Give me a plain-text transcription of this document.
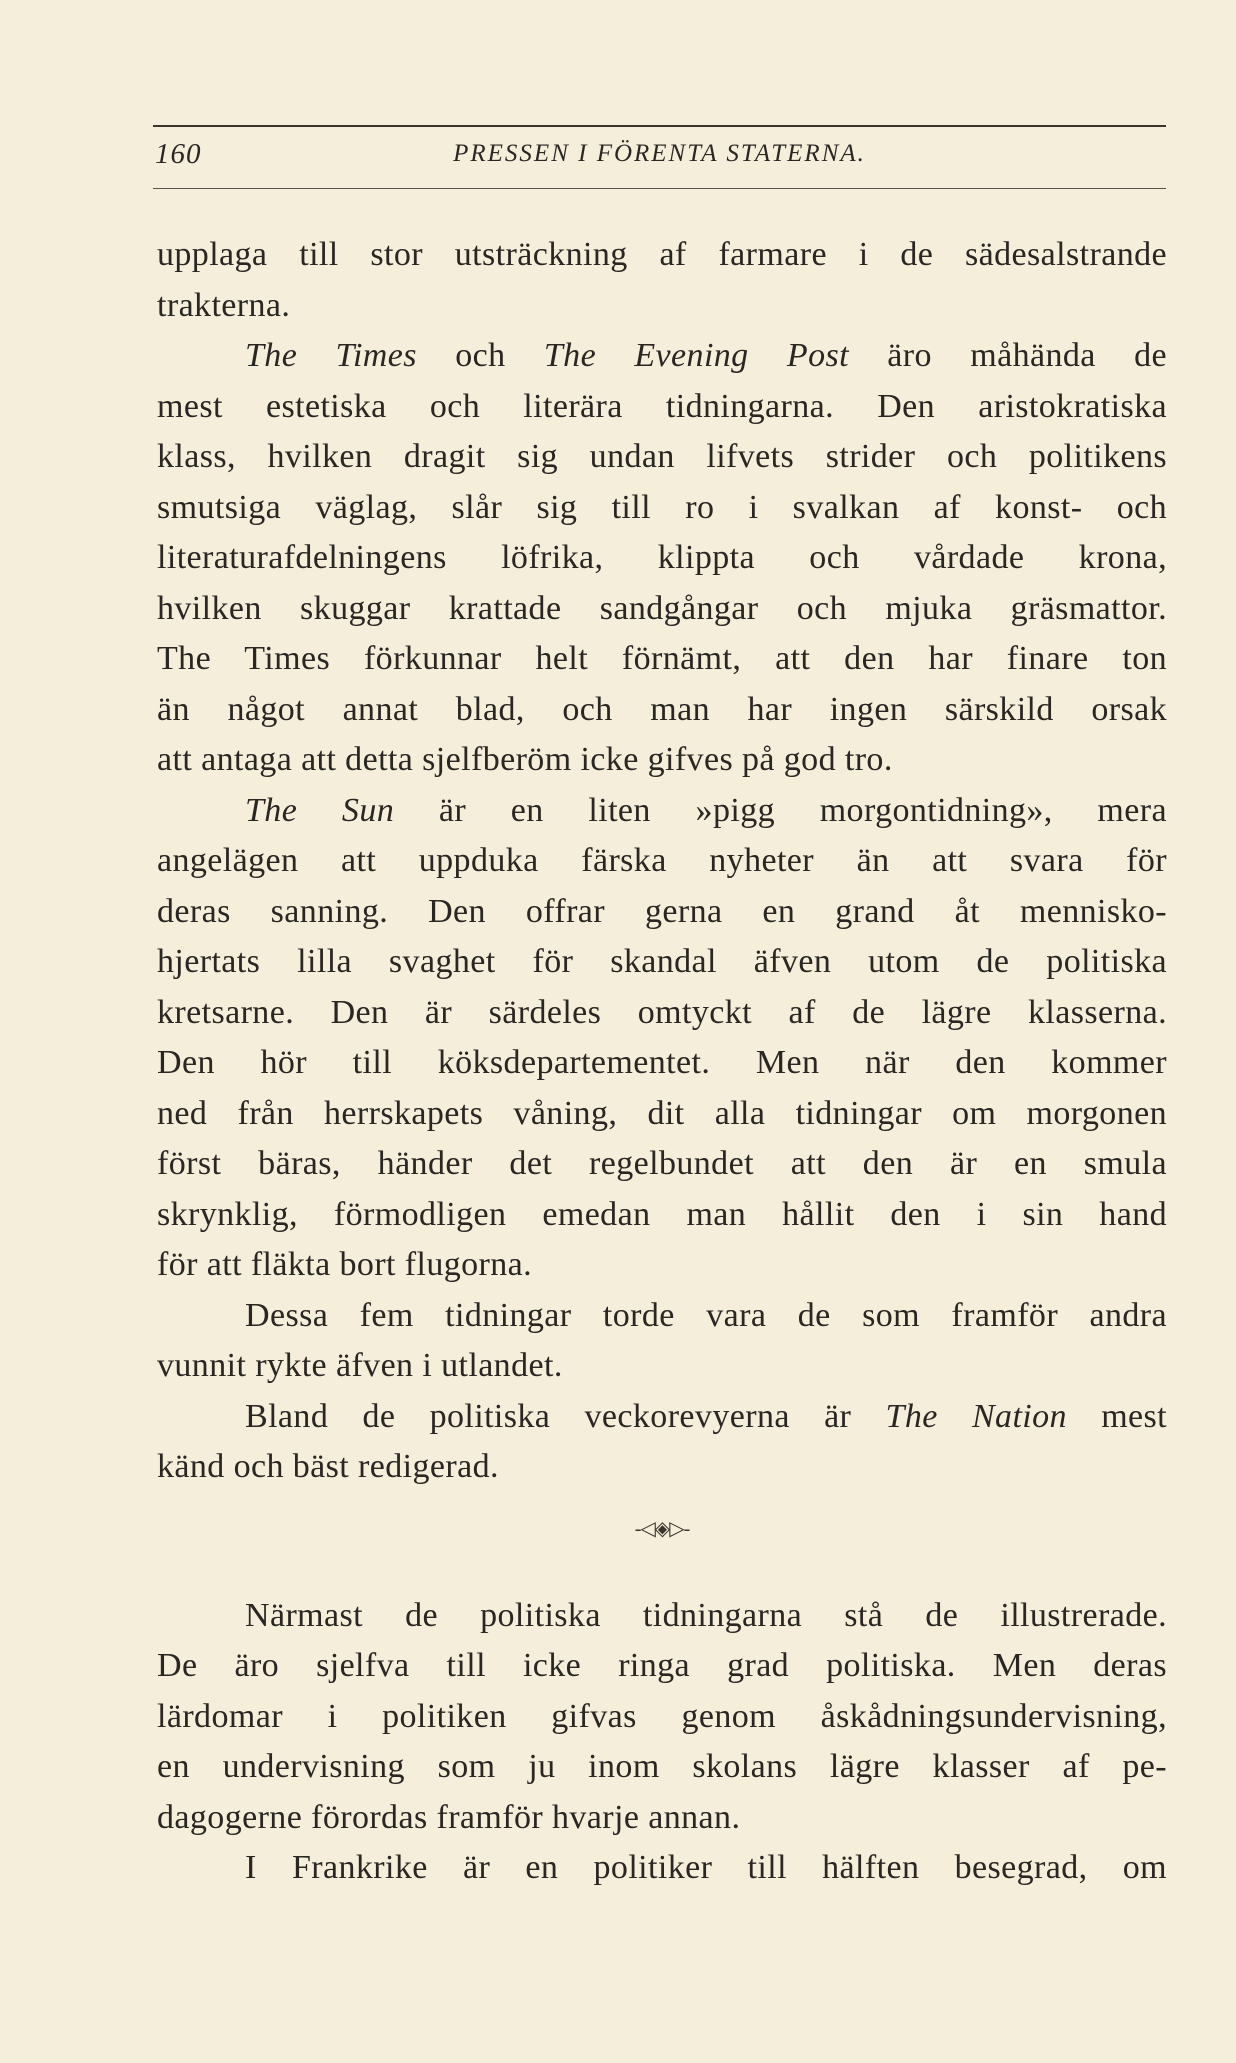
160	PRESSEN I FÖRENTA STATERNA.

upplaga till stor utsträckning af farmare i de sädesalstrande

trakterna.

The Times och The Evening Post äro måhända de

mest estetiska och literära tidningarna. Den aristokratiska

klass, hvilken dragit sig undan lifvets strider och politikens

smutsiga väglag, slår sig till ro i svalkan af konst- och

literaturafdelningens löfrika, klippta och vårdade krona,

hvilken skuggar krattade sandgångar och mjuka gräsmattor.

The Times förkunnar helt förnämt, att den har finare ton

än något annat blad, och man har ingen särskild orsak

att antaga att detta sjelfberöm icke gifves på god tro.

The Sun är en liten »pigg morgontidning», mera

angelägen att uppduka färska nyheter än att svara för

deras sanning. Den offrar gerna en grand åt mennisko-

hjertats lilla svaghet för skandal äfven utom de politiska

kretsarne. Den är särdeles omtyckt af de lägre klasserna.

Den hör till köksdepartementet. Men när den kommer

ned från herrskapets våning, dit alla tidningar om morgonen

först bäras, händer det regelbundet att den är en smula

skrynklig, förmodligen emedan man hållit den i sin hand

för att fläkta bort flugorna.

Dessa fem tidningar torde vara de som framför andra

vunnit rykte äfven i utlandet.

Bland de politiska veckorevyerna är The Nation mest

känd och bäst redigerad.

-◁◈▷-

Närmast de politiska tidningarna stå de illustrerade.

De äro sjelfva till icke ringa grad politiska. Men deras

lärdomar i politiken gifvas genom åskådningsundervisning,

en undervisning som ju inom skolans lägre klasser af pe-

dagogerne förordas framför hvarje annan.

I Frankrike är en politiker till hälften besegrad, om
